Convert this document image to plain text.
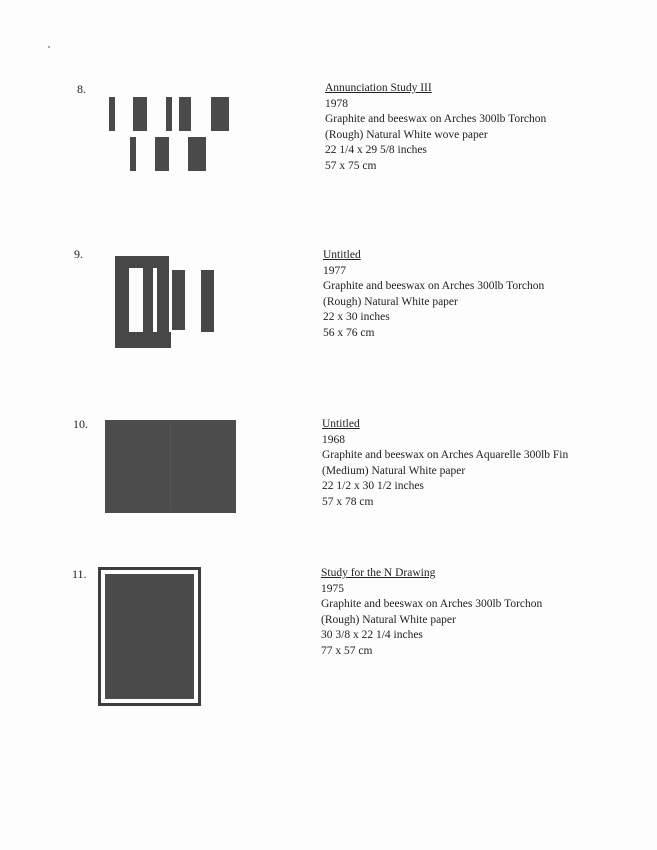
8.	Annunciation Study III
1978
Graphite and beeswax on Arches 300lb Torchon
(Rough) Natural White wove paper
22 1/4 x 29 5/8 inches
57 x 75 cm
9.	Untitled
1977
Graphite and beeswax on Arches 300lb Torchon
(Rough) Natural White paper
22 x 30 inches
56 x 76 cm
10.	Untitled
1968
Graphite and beeswax on Arches Aquarelle 300lb Fin
(Medium) Natural White paper
22 1/2 x 30 1/2 inches
57 x 78 cm
11.	Study for the N Drawing
1975
Graphite and beeswax on Arches 300lb Torchon
(Rough) Natural White paper
30 3/8 x 22 1/4 inches
77 x 57 cm
